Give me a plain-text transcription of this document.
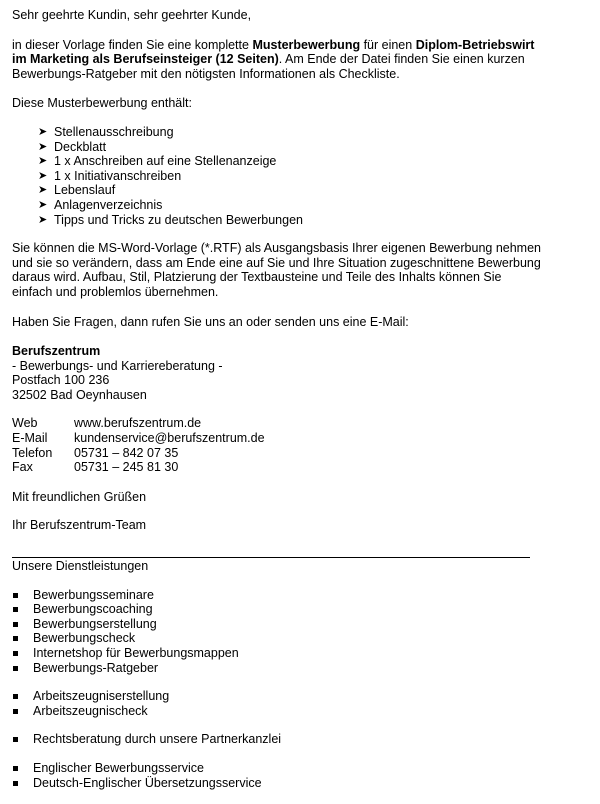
Sehr geehrte Kundin, sehr geehrter Kunde,

in dieser Vorlage finden Sie eine komplette Musterbewerbung für einen Diplom-Betriebswirt im Marketing als Berufseinsteiger (12 Seiten). Am Ende der Datei finden Sie einen kurzen Bewerbungs-Ratgeber mit den nötigsten Informationen als Checkliste.

Diese Musterbewerbung enthält:

➤ Stellenausschreibung
➤ Deckblatt
➤ 1 x Anschreiben auf eine Stellenanzeige
➤ 1 x Initiativanschreiben
➤ Lebenslauf
➤ Anlagenverzeichnis
➤ Tipps und Tricks zu deutschen Bewerbungen

Sie können die MS-Word-Vorlage (*.RTF) als Ausgangsbasis Ihrer eigenen Bewerbung nehmen und sie so verändern, dass am Ende eine auf Sie und Ihre Situation zugeschnittene Bewerbung daraus wird. Aufbau, Stil, Platzierung der Textbausteine und Teile des Inhalts können Sie einfach und problemlos übernehmen.

Haben Sie Fragen, dann rufen Sie uns an oder senden uns eine E-Mail:

Berufszentrum

- Bewerbungs- und Karriereberatung -

Postfach 100 236

32502 Bad Oeynhausen

Web	www.berufszentrum.de
E-Mail	kundenservice@berufszentrum.de
Telefon	05731 – 842 07 35
Fax	05731 – 245 81 30

Mit freundlichen Grüßen

Ihr Berufszentrum-Team

Unsere Dienstleistungen

Bewerbungsseminare
Bewerbungscoaching
Bewerbungserstellung
Bewerbungscheck
Internetshop für Bewerbungsmappen
Bewerbungs-Ratgeber
Arbeitszeugniserstellung
Arbeitszeugnischeck
Rechtsberatung durch unsere Partnerkanzlei
Englischer Bewerbungsservice
Deutsch-Englischer Übersetzungsservice
